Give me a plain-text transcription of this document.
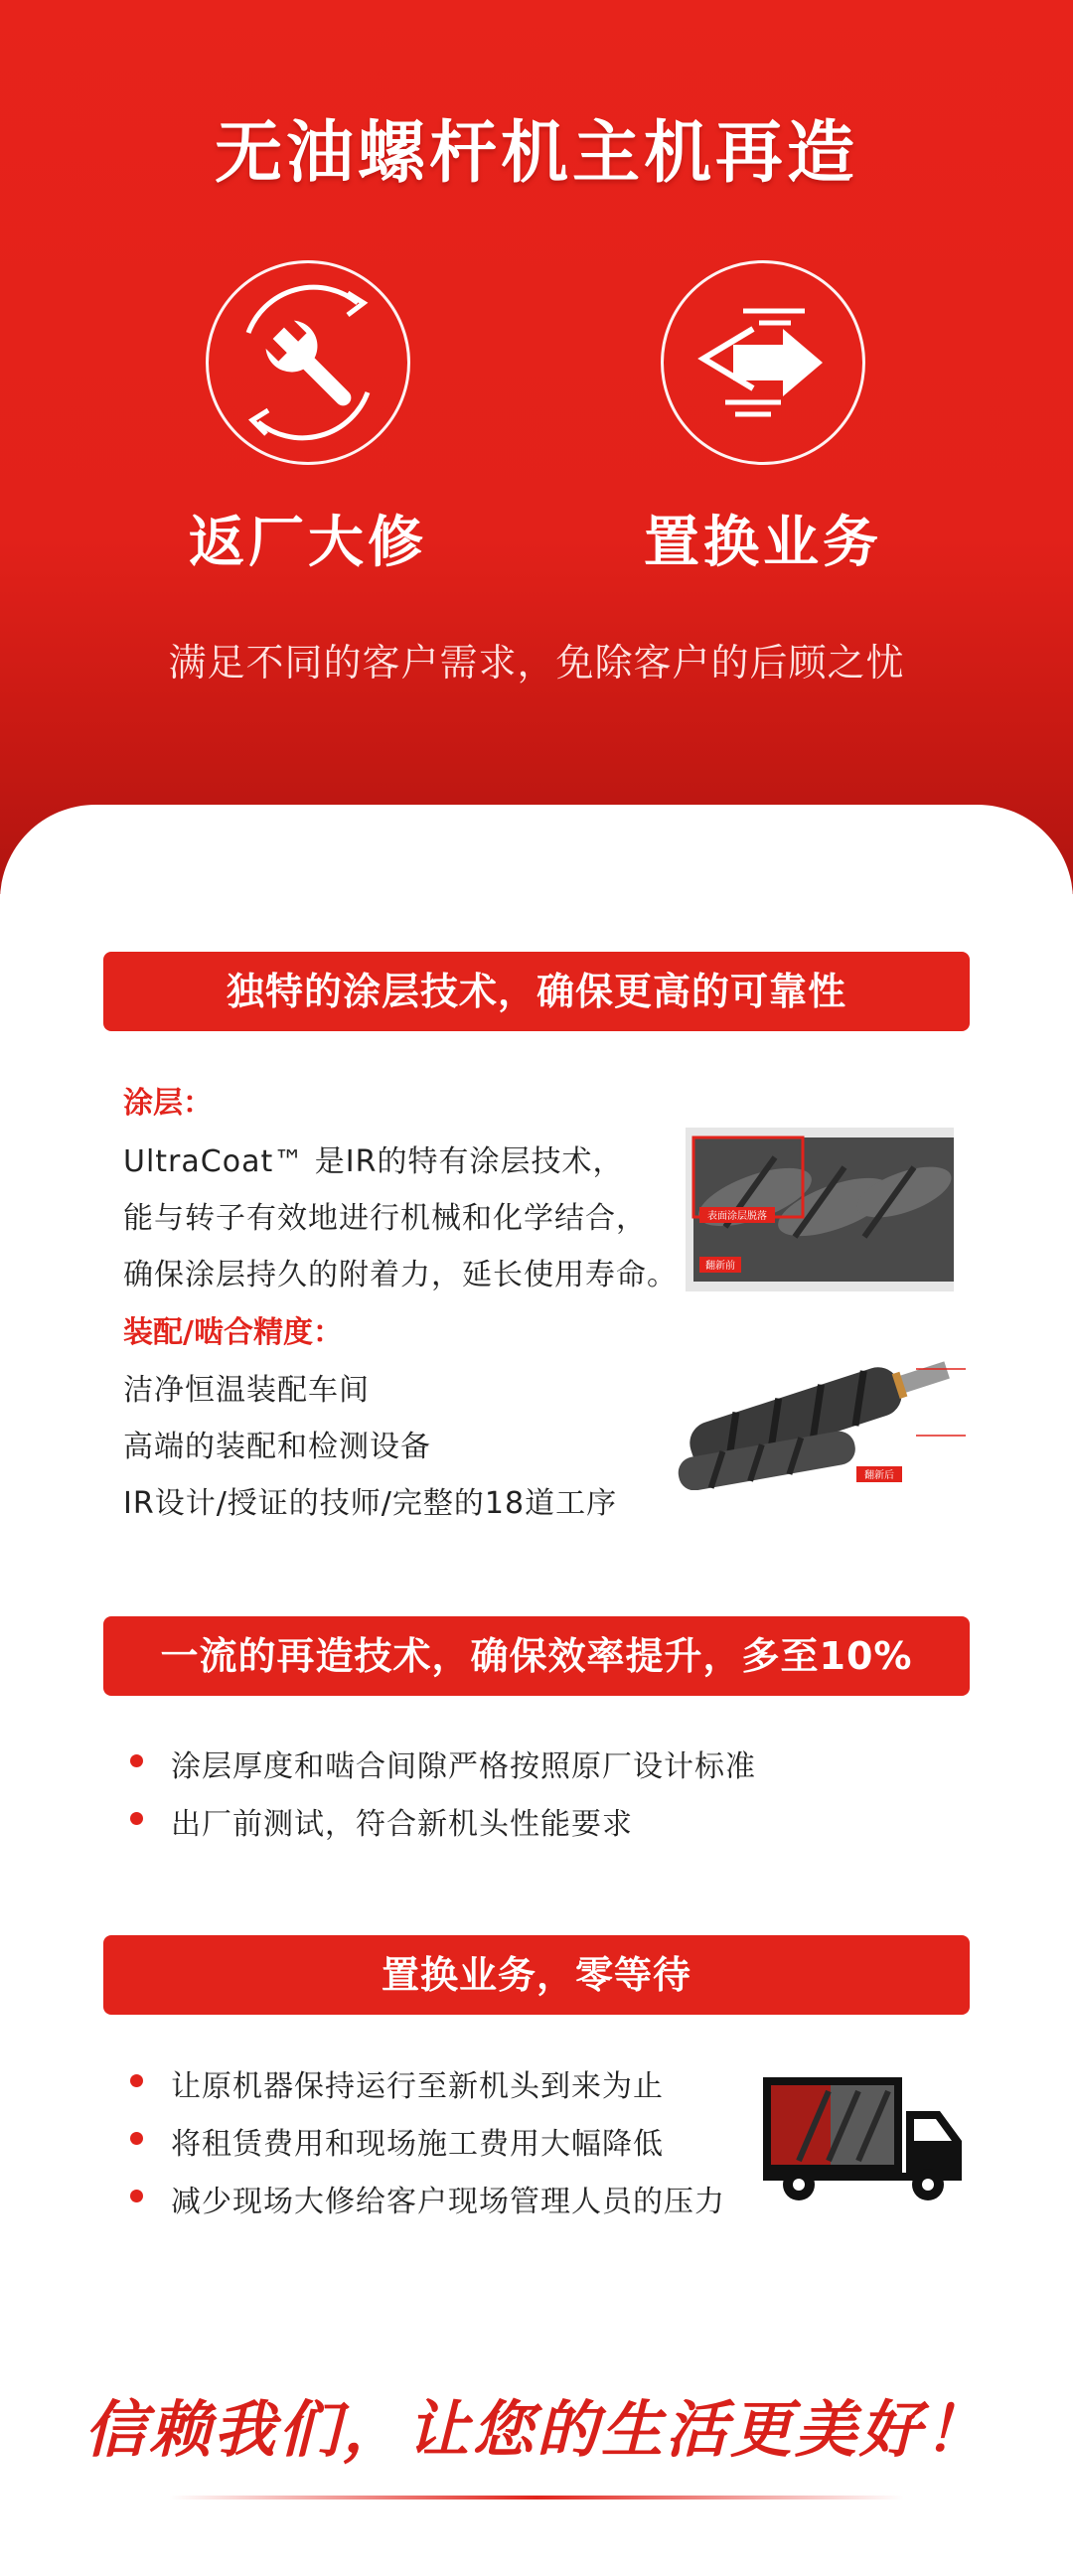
无油螺杆机主机再造
返厂大修	置换业务
满足不同的客户需求，免除客户的后顾之忧
独特的涂层技术，确保更高的可靠性
涂层：
UltraCoat™ 是IR的特有涂层技术，
能与转子有效地进行机械和化学结合，
确保涂层持久的附着力，延长使用寿命。
装配/啮合精度：
洁净恒温装配车间
高端的装配和检测设备
IR设计/授证的技师/完整的18道工序
表面涂层脱落
翻新前
翻新后
一流的再造技术，确保效率提升，多至10%
涂层厚度和啮合间隙严格按照原厂设计标准
出厂前测试，符合新机头性能要求
置换业务，零等待
让原机器保持运行至新机头到来为止
将租赁费用和现场施工费用大幅降低
减少现场大修给客户现场管理人员的压力
信赖我们，让您的生活更美好！
